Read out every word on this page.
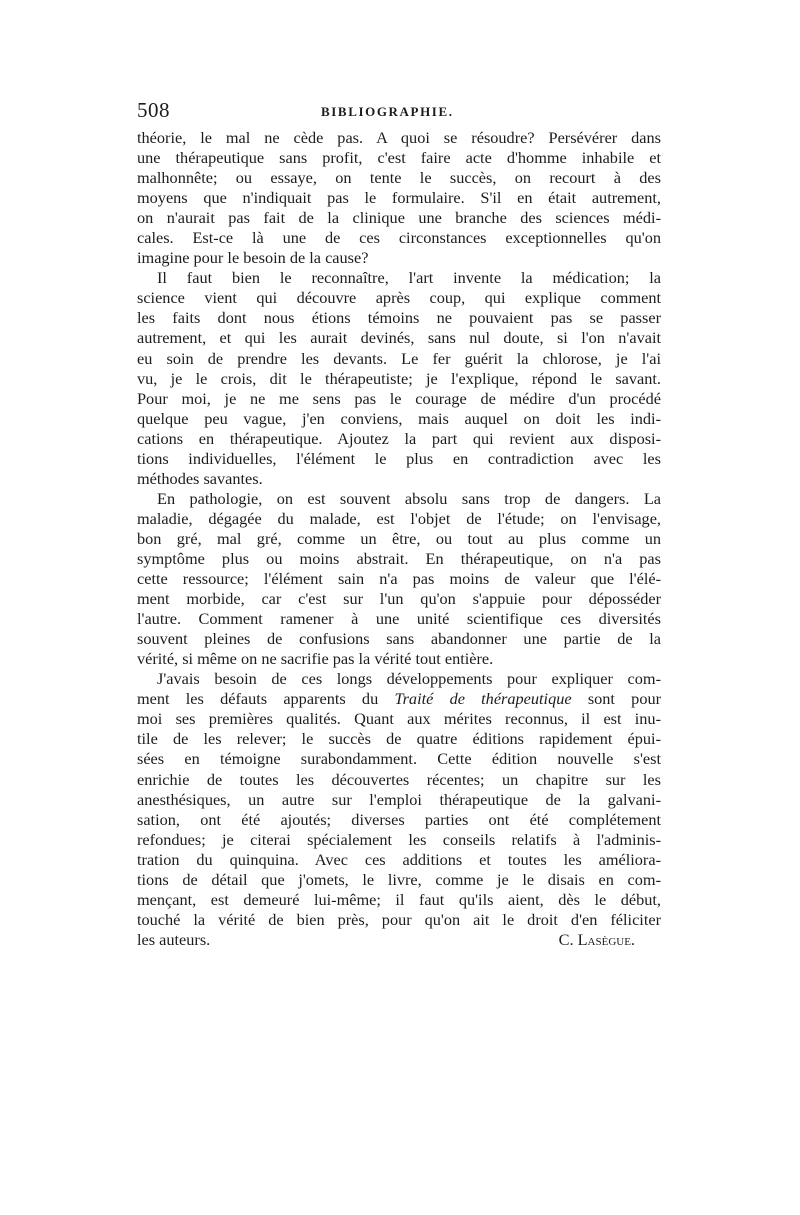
508	BIBLIOGRAPHIE.
théorie, le mal ne cède pas. A quoi se résoudre? Persévérer dans
une thérapeutique sans profit, c'est faire acte d'homme inhabile et
malhonnête; ou essaye, on tente le succès, on recourt à des
moyens que n'indiquait pas le formulaire. S'il en était autrement,
on n'aurait pas fait de la clinique une branche des sciences médi-
cales. Est-ce là une de ces circonstances exceptionnelles qu'on
imagine pour le besoin de la cause?
Il faut bien le reconnaître, l'art invente la médication; la
science vient qui découvre après coup, qui explique comment
les faits dont nous étions témoins ne pouvaient pas se passer
autrement, et qui les aurait devinés, sans nul doute, si l'on n'avait
eu soin de prendre les devants. Le fer guérit la chlorose, je l'ai
vu, je le crois, dit le thérapeutiste; je l'explique, répond le savant.
Pour moi, je ne me sens pas le courage de médire d'un procédé
quelque peu vague, j'en conviens, mais auquel on doit les indi-
cations en thérapeutique. Ajoutez la part qui revient aux disposi-
tions individuelles, l'élément le plus en contradiction avec les
méthodes savantes.
En pathologie, on est souvent absolu sans trop de dangers. La
maladie, dégagée du malade, est l'objet de l'étude; on l'envisage,
bon gré, mal gré, comme un être, ou tout au plus comme un
symptôme plus ou moins abstrait. En thérapeutique, on n'a pas
cette ressource; l'élément sain n'a pas moins de valeur que l'élé-
ment morbide, car c'est sur l'un qu'on s'appuie pour déposséder
l'autre. Comment ramener à une unité scientifique ces diversités
souvent pleines de confusions sans abandonner une partie de la
vérité, si même on ne sacrifie pas la vérité tout entière.
J'avais besoin de ces longs développements pour expliquer com-
ment les défauts apparents du Traité de thérapeutique sont pour
moi ses premières qualités. Quant aux mérites reconnus, il est inu-
tile de les relever; le succès de quatre éditions rapidement épui-
sées en témoigne surabondamment. Cette édition nouvelle s'est
enrichie de toutes les découvertes récentes; un chapitre sur les
anesthésiques, un autre sur l'emploi thérapeutique de la galvani-
sation, ont été ajoutés; diverses parties ont été complétement
refondues; je citerai spécialement les conseils relatifs à l'adminis-
tration du quinquina. Avec ces additions et toutes les améliora-
tions de détail que j'omets, le livre, comme je le disais en com-
mençant, est demeuré lui-même; il faut qu'ils aient, dès le début,
touché la vérité de bien près, pour qu'on ait le droit d'en féliciter
les auteurs.	C. Lasègue.
